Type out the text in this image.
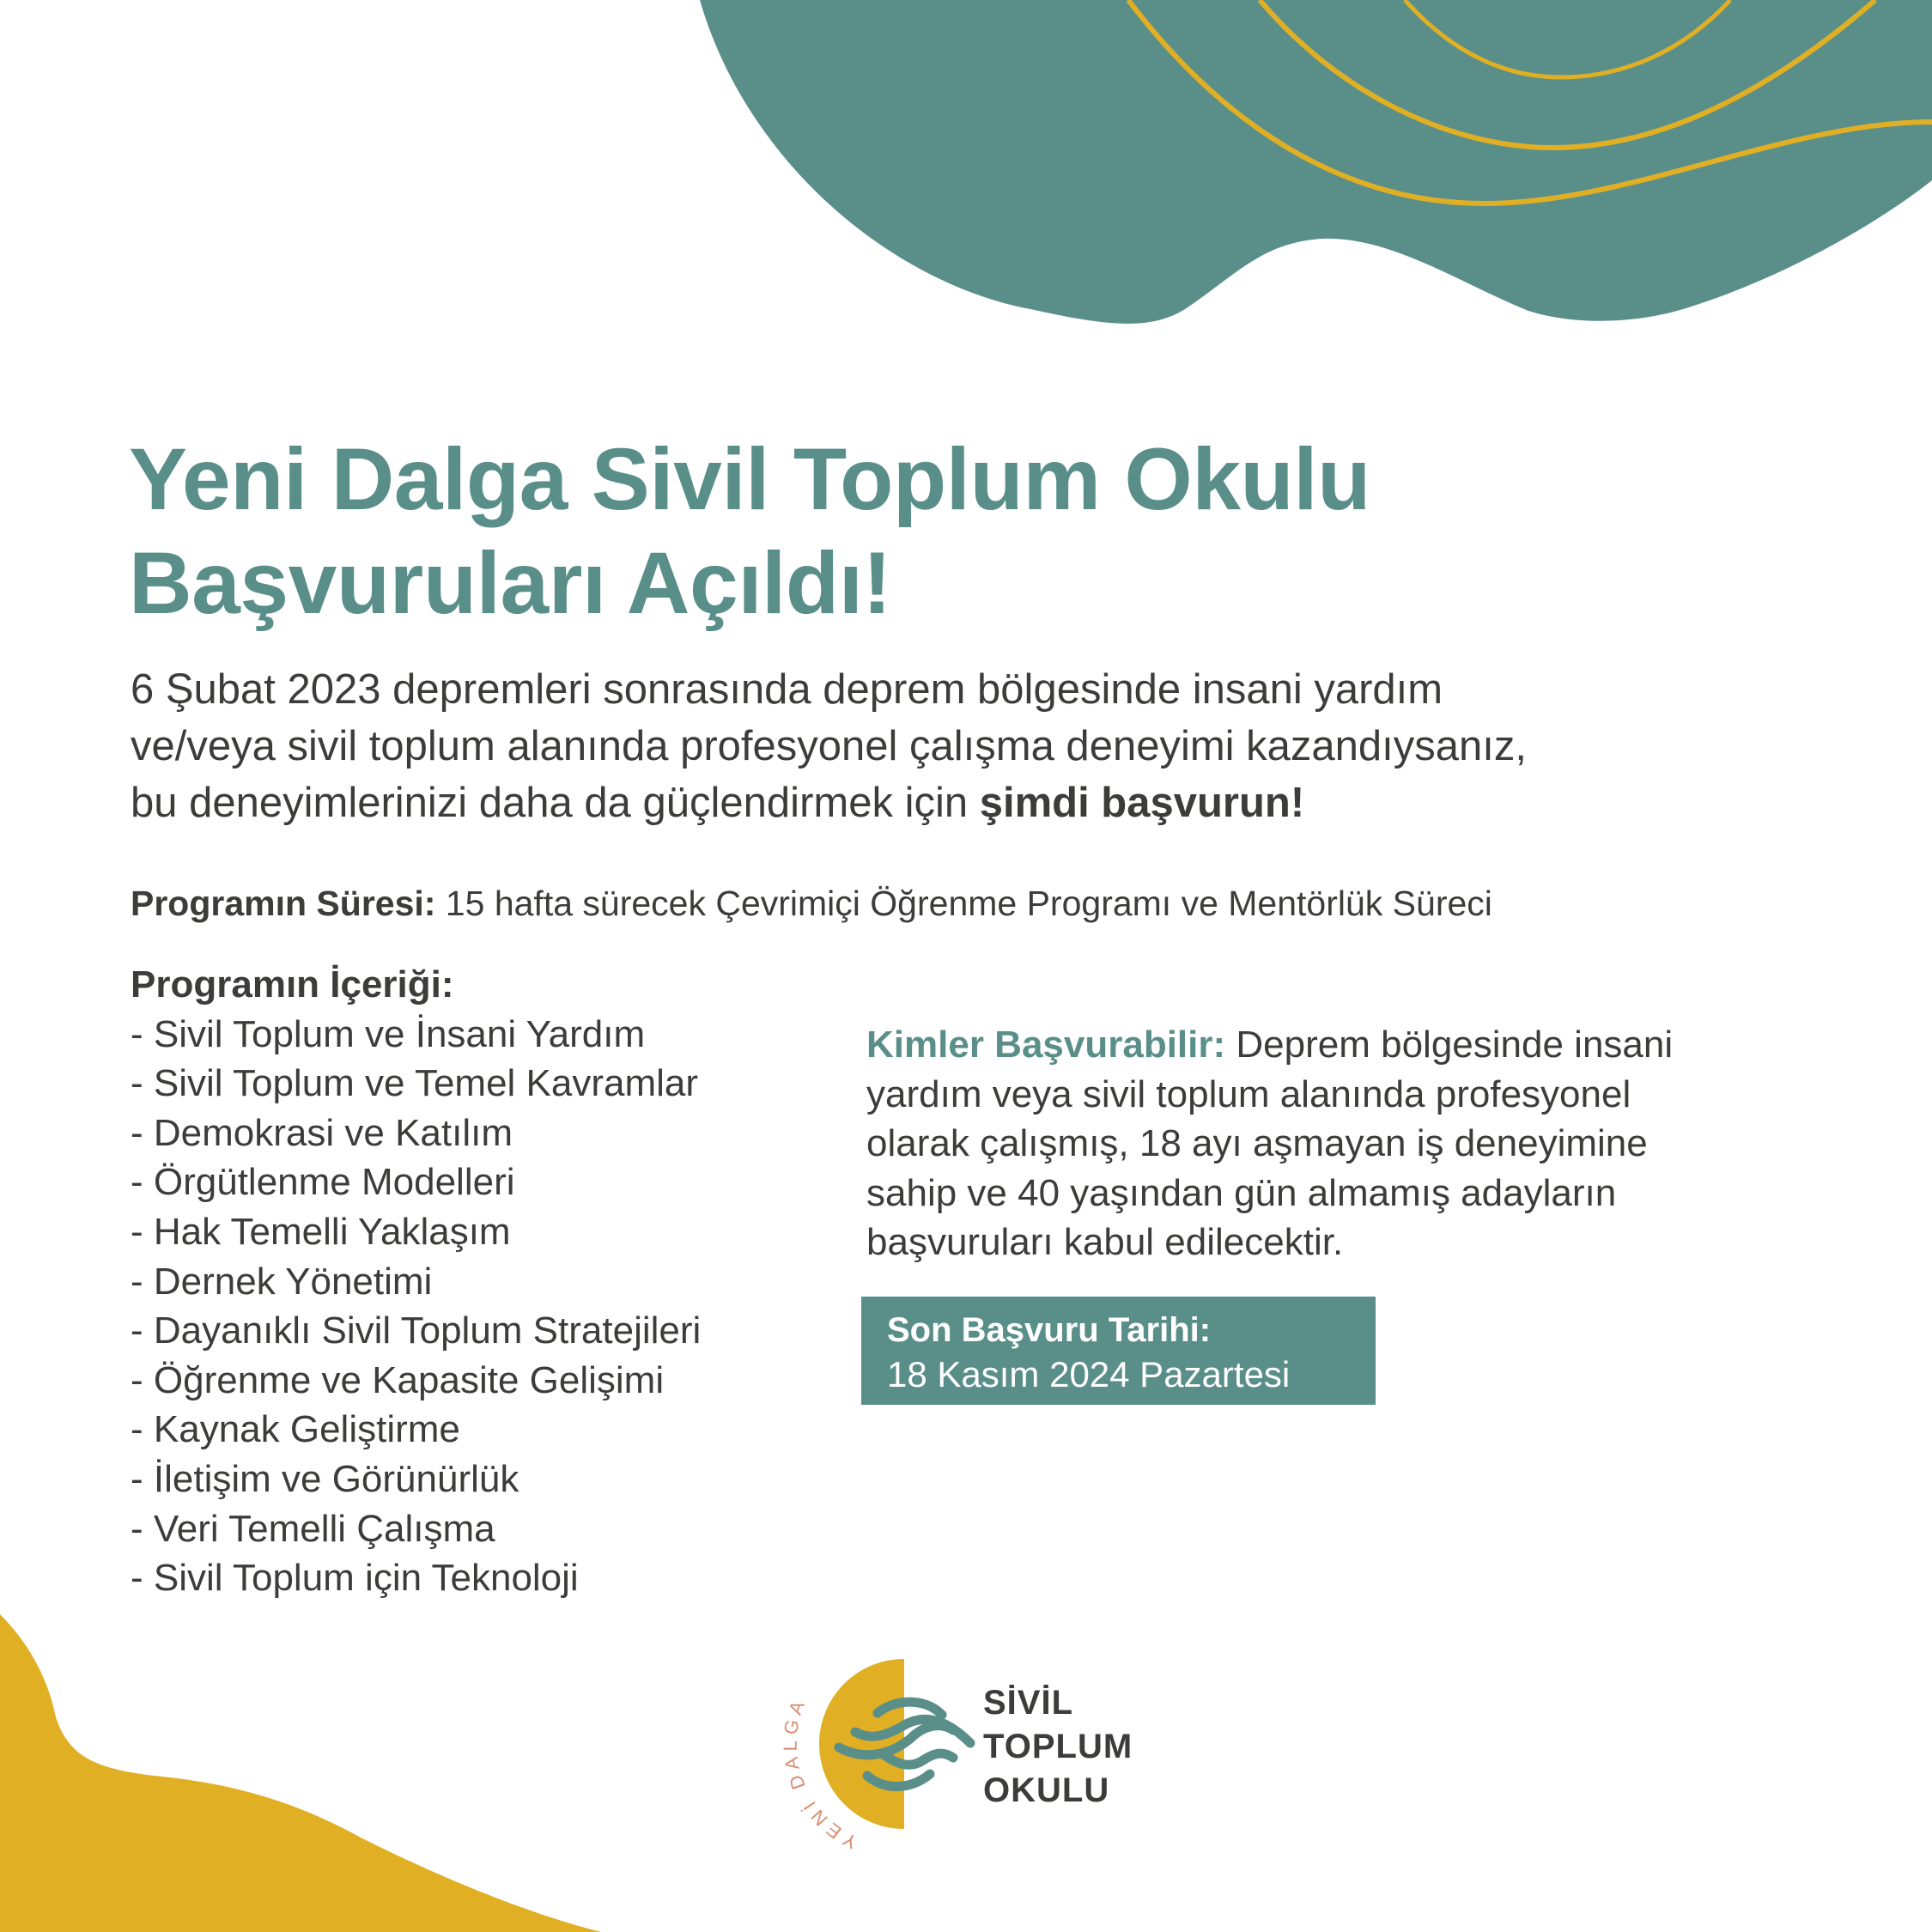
Yeni Dalga Sivil Toplum Okulu
Başvuruları Açıldı!
6 Şubat 2023 depremleri sonrasında deprem bölgesinde insani yardım
ve/veya sivil toplum alanında profesyonel çalışma deneyimi kazandıysanız,
bu deneyimlerinizi daha da güçlendirmek için şimdi başvurun!
Programın Süresi: 15 hafta sürecek Çevrimiçi Öğrenme Programı ve Mentörlük Süreci
Programın İçeriği:
- Sivil Toplum ve İnsani Yardım
- Sivil Toplum ve Temel Kavramlar
- Demokrasi ve Katılım
- Örgütlenme Modelleri
- Hak Temelli Yaklaşım
- Dernek Yönetimi
- Dayanıklı Sivil Toplum Stratejileri
- Öğrenme ve Kapasite Gelişimi
- Kaynak Geliştirme
- İletişim ve Görünürlük
- Veri Temelli Çalışma
- Sivil Toplum için Teknoloji
Kimler Başvurabilir: Deprem bölgesinde insani
yardım veya sivil toplum alanında profesyonel
olarak çalışmış, 18 ayı aşmayan iş deneyimine
sahip ve 40 yaşından gün almamış adayların
başvuruları kabul edilecektir.
Son Başvuru Tarihi:
18 Kasım 2024 Pazartesi
YENİ DALGA	SİVİL
TOPLUM
OKULU
